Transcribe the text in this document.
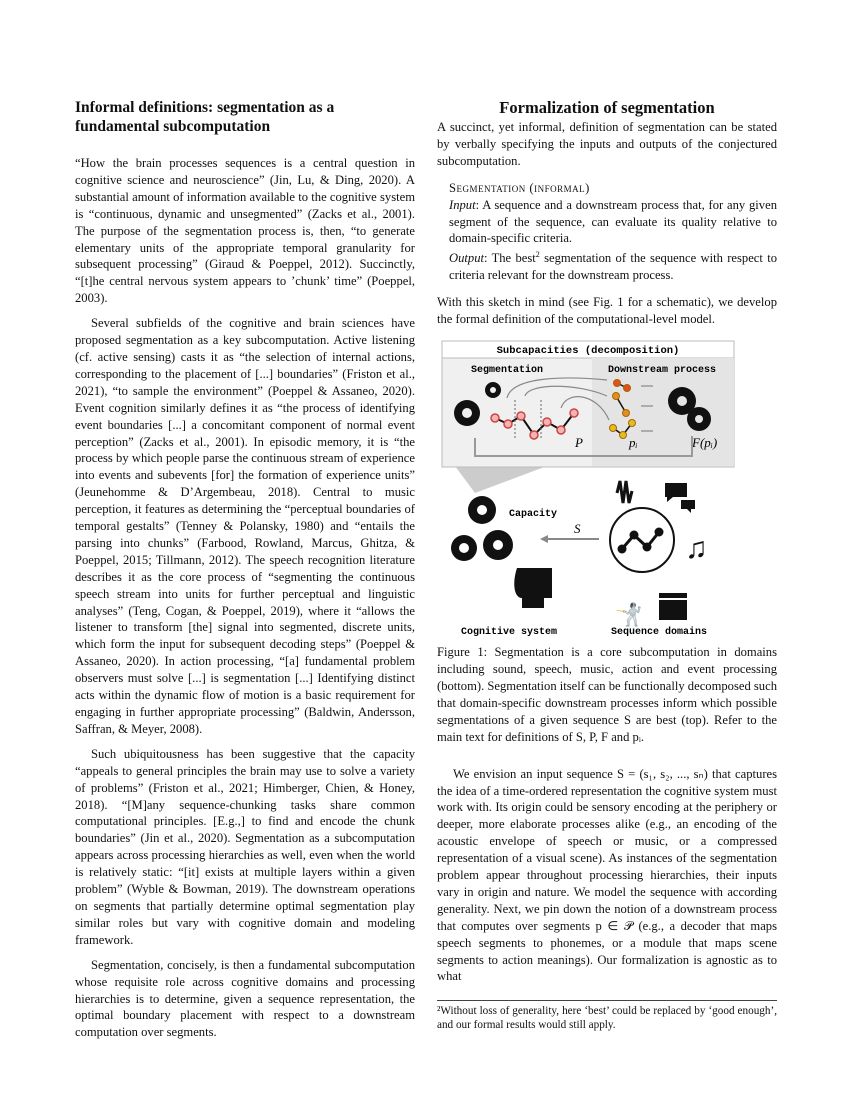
Informal definitions: segmentation as a fundamental subcomputation

“How the brain processes sequences is a central question in cognitive science and neuroscience” (Jin, Lu, & Ding, 2020). A substantial amount of information available to the cognitive system is “continuous, dynamic and unsegmented” (Zacks et al., 2001). The purpose of the segmentation process is, then, “to generate elementary units of the appropriate temporal granularity for subsequent processing” (Giraud & Poeppel, 2012). Succinctly, “[t]he central nervous system appears to ’chunk’ time” (Poeppel, 2003).

Several subfields of the cognitive and brain sciences have proposed segmentation as a key subcomputation. Active listening (cf. active sensing) casts it as “the selection of internal actions, corresponding to the placement of [...] boundaries” (Friston et al., 2021), “to sample the environment” (Poeppel & Assaneo, 2020). Event cognition similarly defines it as “the process of identifying event boundaries [...] a concomitant component of normal event perception” (Zacks et al., 2001). In episodic memory, it is “the process by which people parse the continuous stream of experience into events and subevents [for] the formation of experience units” (Jeunehomme & D’Argembeau, 2018). Central to music perception, it features as determining the “perceptual boundaries of temporal gestalts” (Tenney & Polansky, 1980) and “entails the parsing into chunks” (Farbood, Rowland, Marcus, Ghitza, & Poeppel, 2015; Tillmann, 2012). The speech recognition literature describes it as the core process of “segmenting the continuous speech stream into units for further perceptual and linguistic analyses” (Teng, Cogan, & Poeppel, 2019), where it “allows the listener to transform [the] signal into segmented, discrete units, which form the input for subsequent decoding steps” (Poeppel & Assaneo, 2020). In action processing, “[a] fundamental problem observers must solve [...] is segmentation [...] Identifying distinct acts within the dynamic flow of motion is a basic requirement for engaging in further appropriate processing” (Baldwin, Andersson, Saffran, & Meyer, 2008).

Such ubiquitousness has been suggestive that the capacity “appeals to general principles the brain may use to solve a variety of problems” (Friston et al., 2021; Himberger, Chien, & Honey, 2018). “[M]any sequence-chunking tasks share common computational principles. [E.g.,] to find and encode the chunk boundaries” (Jin et al., 2020). Segmentation as a subcomputation appears across processing hierarchies as well, even when the world is relatively static: “[it] exists at multiple layers within a given problem” (Wyble & Bowman, 2019). The downstream operations on segments that partially determine optimal segmentation play similar roles but vary with cognitive domain and modeling framework.

Segmentation, concisely, is then a fundamental subcomputation whose requisite role across cognitive domains and processing hierarchies is to determine, given a sequence representation, the optimal boundary placement with respect to a downstream computation over segments.

Formalization of segmentation

A succinct, yet informal, definition of segmentation can be stated by verbally specifying the inputs and outputs of the conjectured subcomputation.

Segmentation (informal)
Input: A sequence and a downstream process that, for any given segment of the sequence, can evaluate its quality relative to domain-specific criteria.
Output: The best$^2$ segmentation of the sequence with respect to criteria relevant for the downstream process.

With this sketch in mind (see Fig. 1 for a schematic), we develop the formal definition of the computational-level model.

Subcapacities (decomposition)
Segmentation	Downstream process
P	pᵢ	F(pᵢ)
Capacity
S
♫
🤺
Cognitive system	Sequence domains

Figure 1: Segmentation is a core subcomputation in domains including sound, speech, music, action and event processing (bottom). Segmentation itself can be functionally decomposed such that domain-specific downstream processes inform which possible segmentations of a given sequence S are best (top). Refer to the main text for definitions of S, P, F and pᵢ.

We envision an input sequence S = (s₁, s₂, ..., sₙ) that captures the idea of a time-ordered representation the cognitive system must work with. Its origin could be sensory encoding at the periphery or deeper, more elaborate processes alike (e.g., an encoding of the acoustic envelope of speech or music, or a compressed representation of a visual scene). As instances of the segmentation problem appear throughout processing hierarchies, their inputs vary in origin and nature. We model the sequence with according generality. Next, we pin down the notion of a downstream process that computes over segments p ∈ 𝒫 (e.g., a decoder that maps speech segments to phonemes, or a module that maps scene segments to action meanings). Our formalization is agnostic as to what

²Without loss of generality, here ‘best’ could be replaced by ‘good enough’, and our formal results would still apply.
